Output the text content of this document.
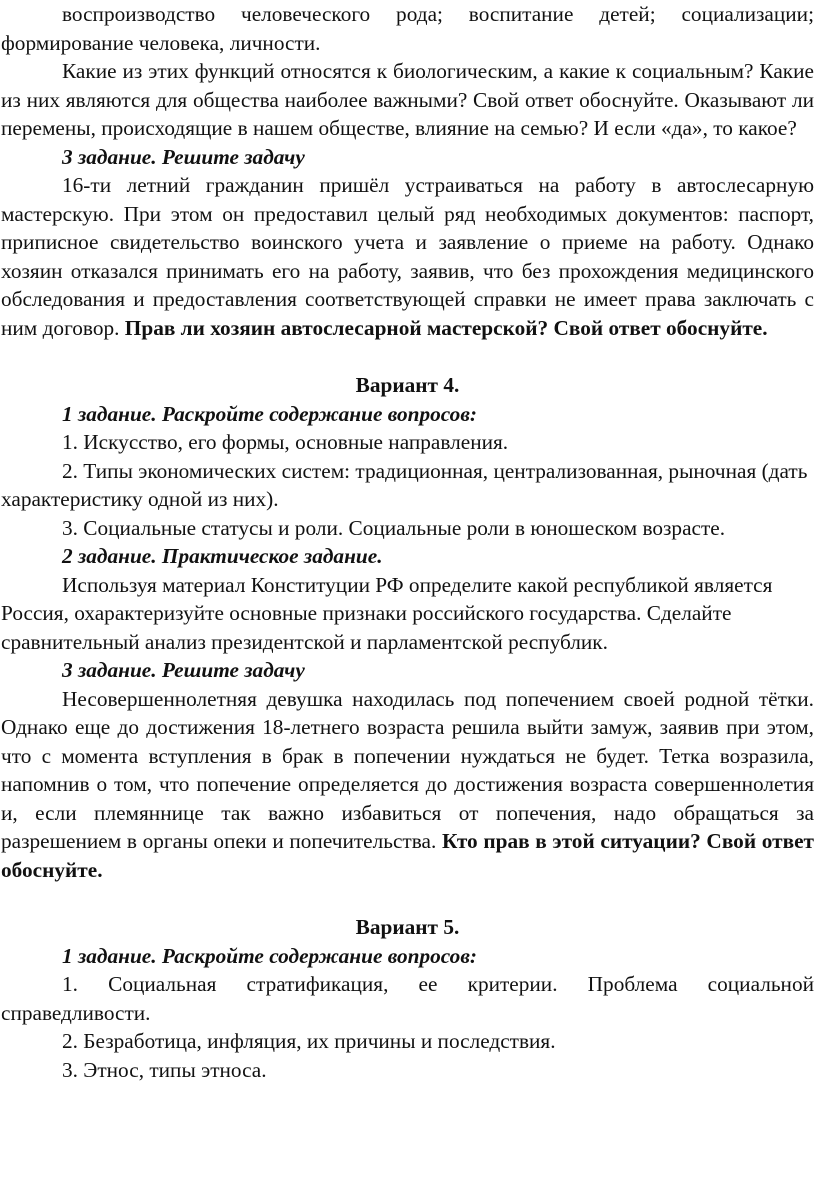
воспроизводство человеческого рода; воспитание детей; социализации; формирование человека, личности.

Какие из этих функций относятся к биологическим, а какие к социальным? Какие из них являются для общества наиболее важными? Свой ответ обоснуйте. Оказывают ли перемены, происходящие в нашем обществе, влияние на семью? И если «да», то какое?

3 задание. Решите задачу

16-ти летний гражданин пришёл устраиваться на работу в автослесарную мастерскую. При этом он предоставил целый ряд необходимых документов: паспорт, приписное свидетельство воинского учета и заявление о приеме на работу. Однако хозяин отказался принимать его на работу, заявив, что без прохождения медицинского обследования и предоставления соответствующей справки не имеет права заключать с ним договор. Прав ли хозяин автослесарной мастерской? Свой ответ обоснуйте.

Вариант 4.

1 задание. Раскройте содержание вопросов:

1. Искусство, его формы, основные направления.

2. Типы экономических систем: традиционная, централизованная, рыночная (дать характеристику одной из них).

3. Социальные статусы и роли. Социальные роли в юношеском возрасте.

2 задание. Практическое задание.

Используя материал Конституции РФ определите какой республикой является Россия, охарактеризуйте основные признаки российского государства. Сделайте сравнительный анализ президентской и парламентской республик.

3 задание. Решите задачу

Несовершеннолетняя девушка находилась под попечением своей родной тётки. Однако еще до достижения 18-летнего возраста решила выйти замуж, заявив при этом, что с момента вступления в брак в попечении нуждаться не будет. Тетка возразила, напомнив о том, что попечение определяется до достижения возраста совершеннолетия и, если племяннице так важно избавиться от попечения, надо обращаться за разрешением в органы опеки и попечительства. Кто прав в этой ситуации? Свой ответ обоснуйте.

Вариант 5.

1 задание. Раскройте содержание вопросов:

1. Социальная стратификация, ее критерии. Проблема социальной справедливости.

2. Безработица, инфляция, их причины и последствия.

3. Этнос, типы этноса.
